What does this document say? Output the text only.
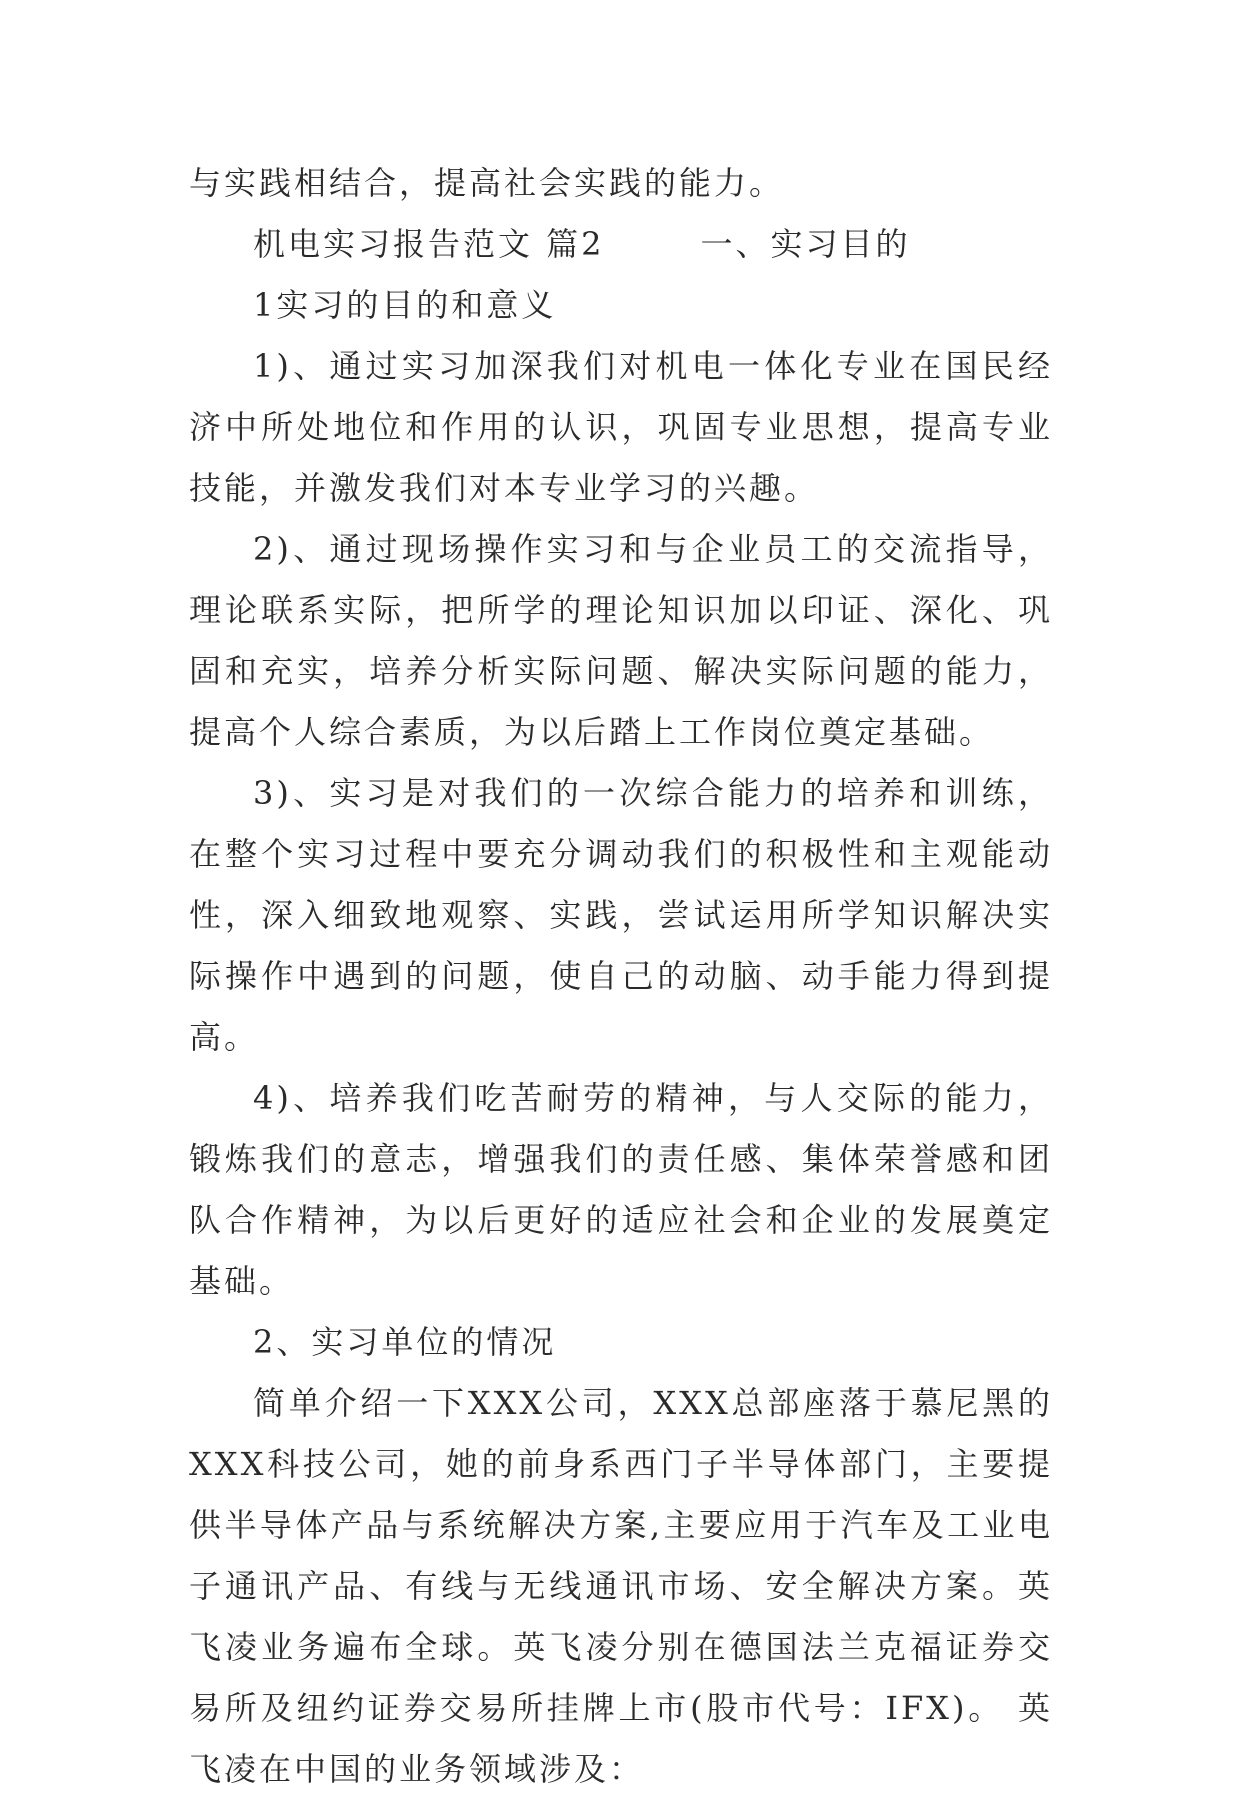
与实践相结合，提高社会实践的能力。

机电实习报告范文 篇2	一、实习目的

1实习的目的和意义

1)、通过实习加深我们对机电一体化专业在国民经济中所处地位和作用的认识，巩固专业思想，提高专业技能，并激发我们对本专业学习的兴趣。

2)、通过现场操作实习和与企业员工的交流指导，理论联系实际，把所学的理论知识加以印证、深化、巩固和充实，培养分析实际问题、解决实际问题的能力，提高个人综合素质，为以后踏上工作岗位奠定基础。

3)、实习是对我们的一次综合能力的培养和训练，在整个实习过程中要充分调动我们的积极性和主观能动性，深入细致地观察、实践，尝试运用所学知识解决实际操作中遇到的问题，使自己的动脑、动手能力得到提高。

4)、培养我们吃苦耐劳的精神，与人交际的能力，锻炼我们的意志，增强我们的责任感、集体荣誉感和团队合作精神，为以后更好的适应社会和企业的发展奠定基础。

2、实习单位的情况

简单介绍一下XXX公司，XXX总部座落于慕尼黑的XXX科技公司，她的前身系西门子半导体部门，主要提供半导体产品与系统解决方案,主要应用于汽车及工业电子通讯产品、有线与无线通讯市场、安全解决方案。英飞凌业务遍布全球。英飞凌分别在德国法兰克福证券交易所及纽约证券交易所挂牌上市(股市代号：IFX)。 英飞凌在中国的业务领域涉及：
